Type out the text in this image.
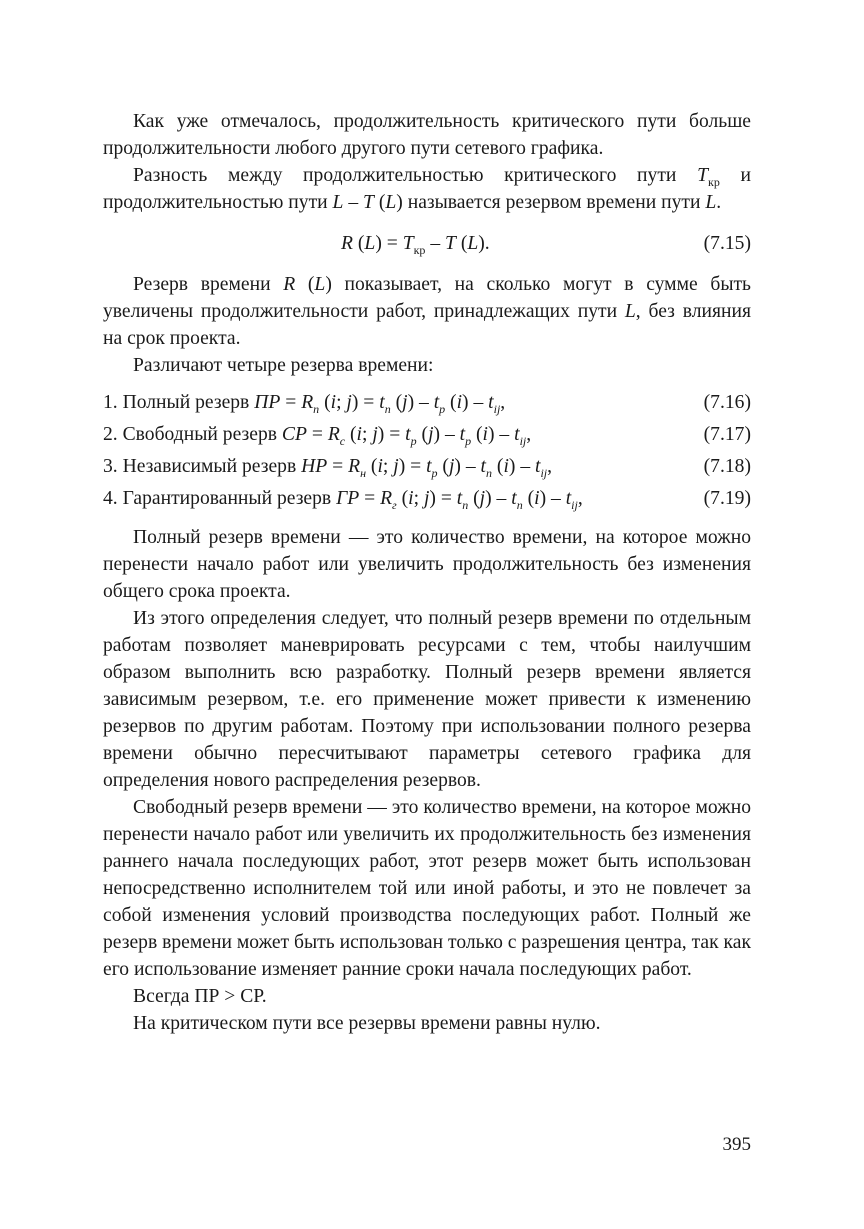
Как уже отмечалось, продолжительность критического пути больше продолжительности любого другого пути сетевого графика.

Разность между продолжительностью критического пути $T_{кр}$ и продолжительностью пути L – T (L) называется резервом времени пути L.

R $(L) = T_{кр} - T$ (L).	(7.15)

Резерв времени R (L) показывает, на сколько могут в сумме быть увеличены продолжительности работ, принадлежащих пути L, без влияния на срок проекта.

Различают четыре резерва времени:

1. Полный резерв ПР = $R_п$ (i; $j) = t_п$ $(j) - t_р$ $(i) - t_{ij}$,	(7.16)
2. Свободный резерв СР = $R_с$ (i; $j) = t_р$ $(j) - t_р$ $(i) - t_{ij}$,	(7.17)
3. Независимый резерв НР = $R_н$ (i; $j) = t_р$ $(j) - t_п$ $(i) - t_{ij}$,	(7.18)
4. Гарантированный резерв ГР = $R_г$ (i; $j) = t_п$ $(j) - t_п$ $(i) - t_{ij}$,	(7.19)

Полный резерв времени — это количество времени, на которое можно перенести начало работ или увеличить продолжительность без изменения общего срока проекта.

Из этого определения следует, что полный резерв времени по отдельным работам позволяет маневрировать ресурсами с тем, чтобы наилучшим образом выполнить всю разработку. Полный резерв времени является зависимым резервом, т.е. его применение может привести к изменению резервов по другим работам. Поэтому при использовании полного резерва времени обычно пересчитывают параметры сетевого графика для определения нового распределения резервов.

Свободный резерв времени — это количество времени, на которое можно перенести начало работ или увеличить их продолжительность без изменения раннего начала последующих работ, этот резерв может быть использован непосредственно исполнителем той или иной работы, и это не повлечет за собой изменения условий производства последующих работ. Полный же резерв времени может быть использован только с разрешения центра, так как его использование изменяет ранние сроки начала последующих работ.

Всегда ПР > СР.

На критическом пути все резервы времени равны нулю.

395
